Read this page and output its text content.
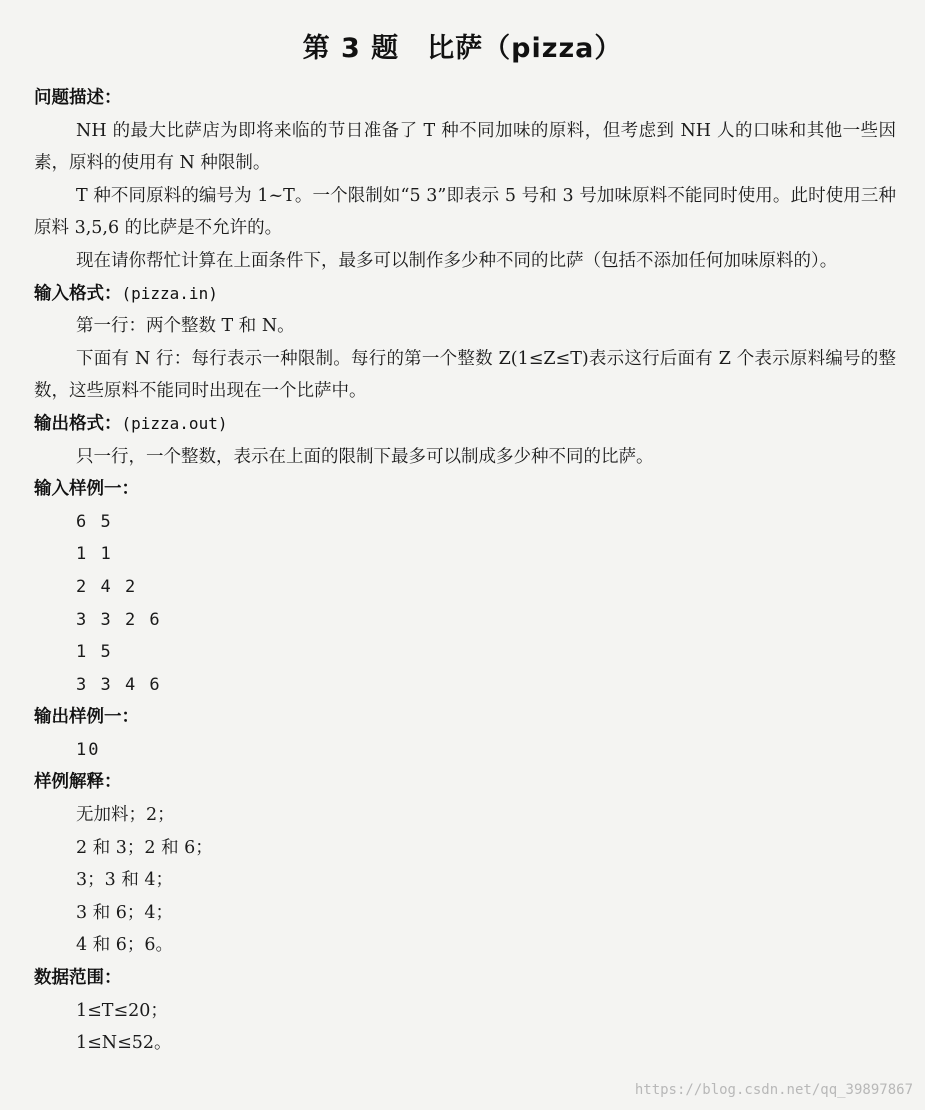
第 3 题　比萨（pizza）
问题描述：
NH 的最大比萨店为即将来临的节日准备了 T 种不同加味的原料，但考虑到 NH 人的口味和其他一些因素，原料的使用有 N 种限制。
T 种不同原料的编号为 1~T。一个限制如“5 3”即表示 5 号和 3 号加味原料不能同时使用。此时使用三种原料 3,5,6 的比萨是不允许的。
现在请你帮忙计算在上面条件下，最多可以制作多少种不同的比萨（包括不添加任何加味原料的）。
输入格式：(pizza.in)
第一行：两个整数 T 和 N。
下面有 N 行：每行表示一种限制。每行的第一个整数 Z(1≤Z≤T)表示这行后面有 Z 个表示原料编号的整数，这些原料不能同时出现在一个比萨中。
输出格式：(pizza.out)
只一行，一个整数，表示在上面的限制下最多可以制成多少种不同的比萨。
输入样例一：
6 5
1 1
2 4 2
3 3 2 6
1 5
3 3 4 6
输出样例一：
10
样例解释：
无加料；2；
2 和 3；2 和 6；
3；3 和 4；
3 和 6；4；
4 和 6；6。
数据范围：
1≤T≤20；
1≤N≤52。
https://blog.csdn.net/qq_39897867
